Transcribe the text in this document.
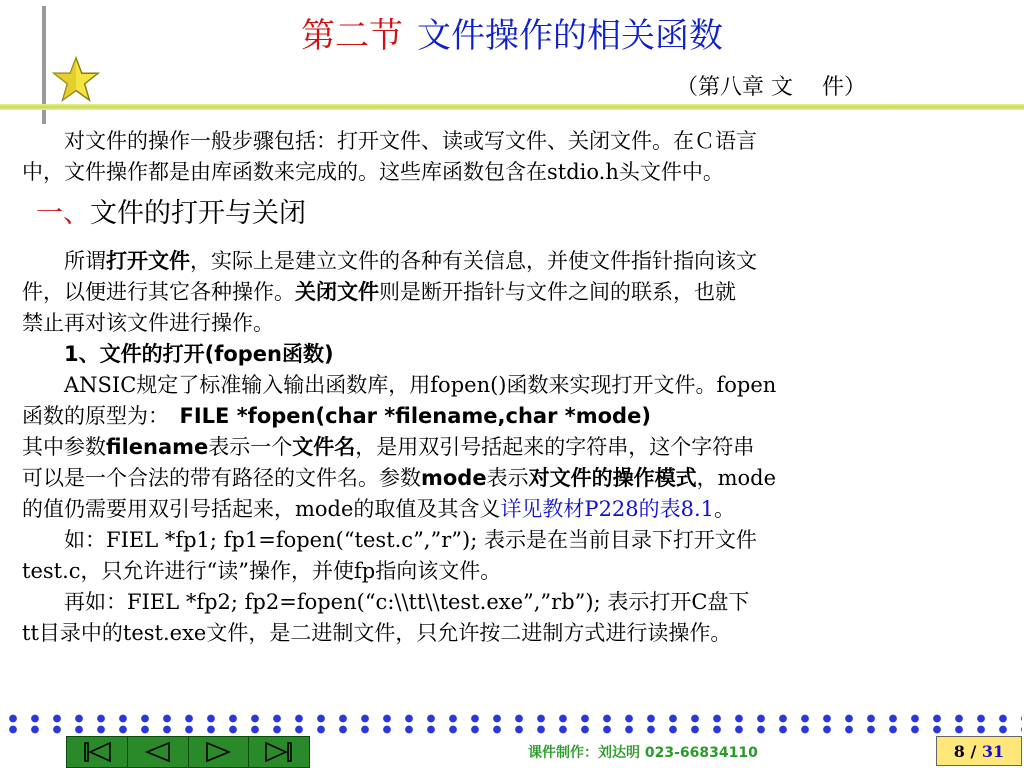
第二节 文件操作的相关函数
（第八章 文　 件）

对文件的操作一般步骤包括：打开文件、读或写文件、关闭文件。在Ｃ语言

中，文件操作都是由库函数来完成的。这些库函数包含在stdio.h头文件中。

一、文件的打开与关闭

所谓打开文件，实际上是建立文件的各种有关信息，并使文件指针指向该文

件，以便进行其它各种操作。关闭文件则是断开指针与文件之间的联系，也就

禁止再对该文件进行操作。

1、文件的打开(fopen函数)

ANSIC规定了标准输入输出函数库，用fopen()函数来实现打开文件。fopen

函数的原型为：　FILE *fopen(char *filename,char *mode)

其中参数filename表示一个文件名，是用双引号括起来的字符串，这个字符串

可以是一个合法的带有路径的文件名。参数mode表示对文件的操作模式，mode

的值仍需要用双引号括起来，mode的取值及其含义详见教材P228的表8.1。

如：FIEL *fp1; fp1=fopen(“test.c”,”r”); 表示是在当前目录下打开文件

test.c，只允许进行“读”操作，并使fp指向该文件。

再如：FIEL *fp2; fp2=fopen(“c:\\tt\\test.exe”,”rb”); 表示打开C盘下

tt目录中的test.exe文件，是二进制文件，只允许按二进制方式进行读操作。

课件制作：刘达明 023-66834110	8 / 31
